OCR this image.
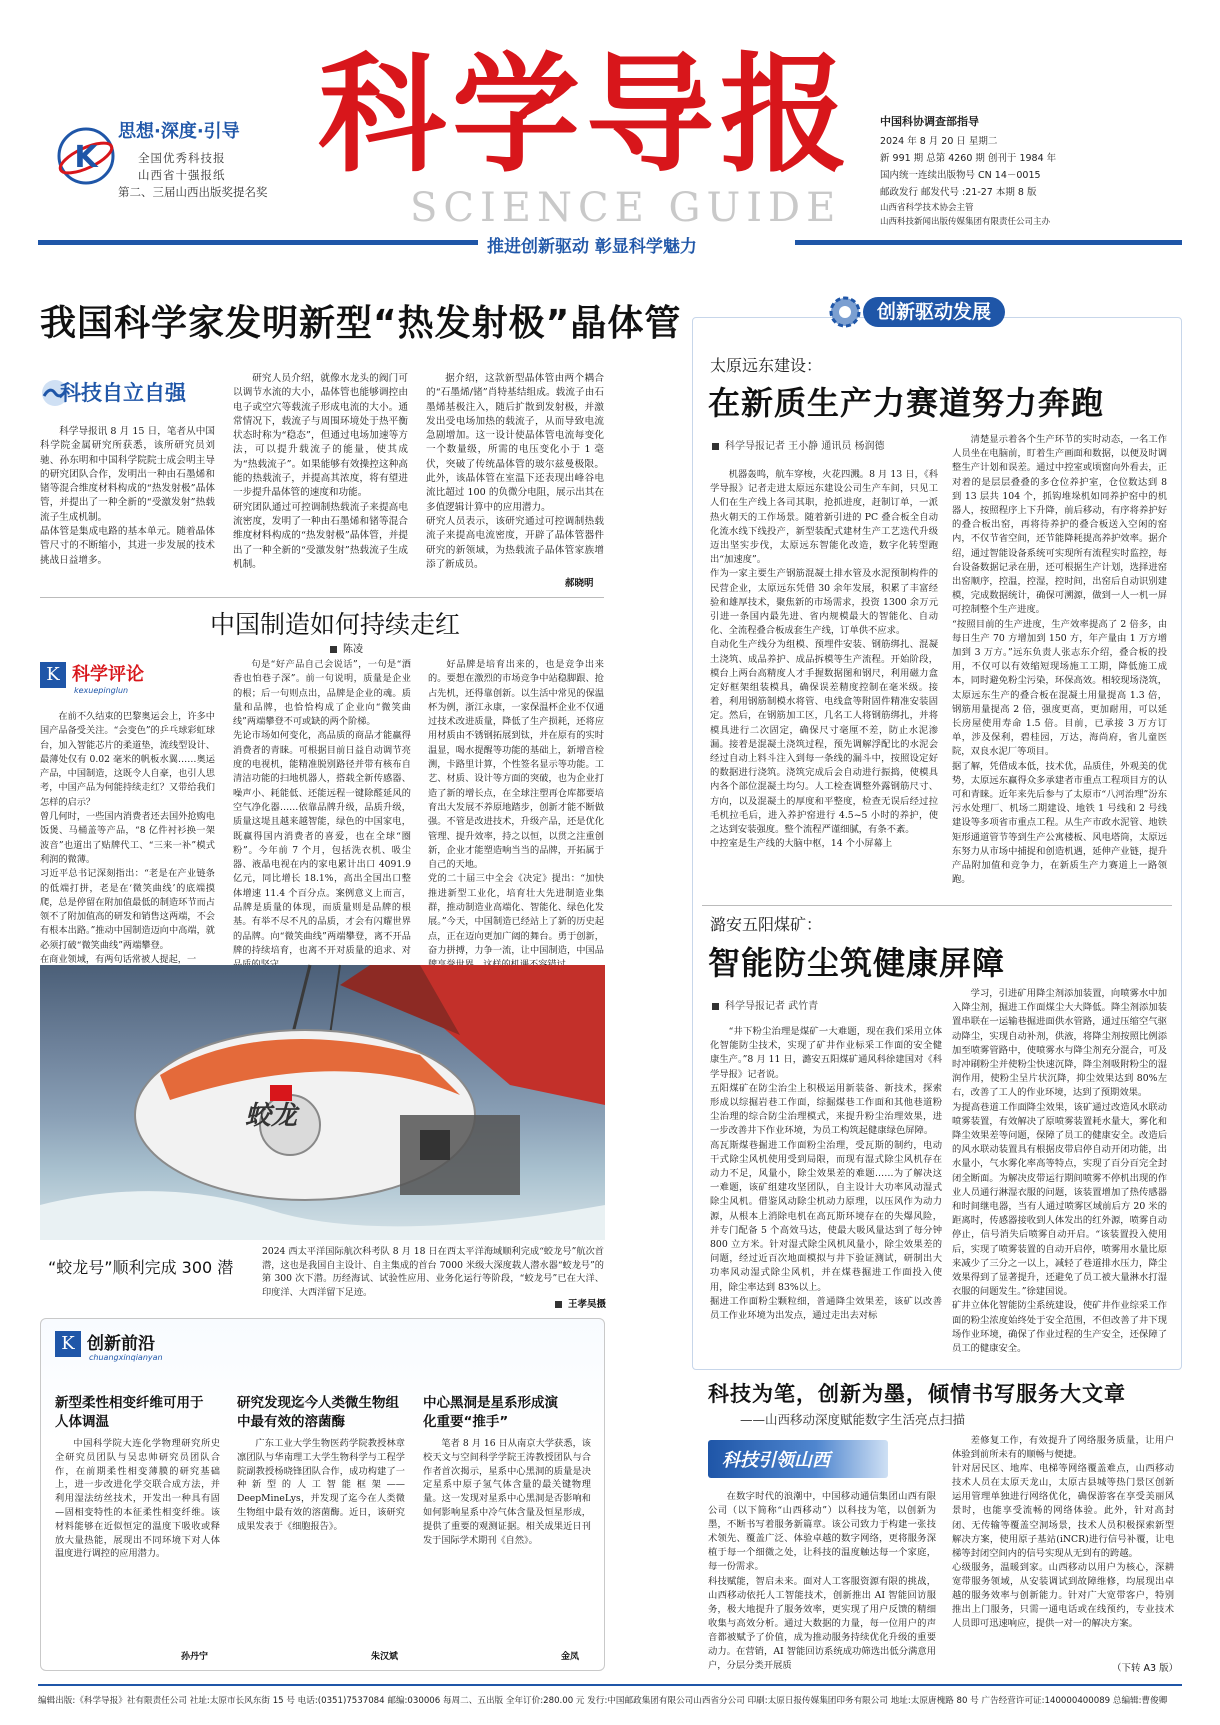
K
思想·深度·引导
全国优秀科技报
山西省十强报纸
第二、三届山西出版奖提名奖
科学导报
SCIENCE GUIDE
中国科协调查部指导
2024 年 8 月 20 日 星期二
新 991 期 总第 4260 期 创刊于 1984 年
国内统一连续出版物号 CN 14－0015
邮政发行 邮发代号 :21-27 本期 8 版
山西省科学技术协会主管
山西科技新闻出版传媒集团有限责任公司主办
推进创新驱动 彰显科学魅力
我国科学家发明新型“热发射极”晶体管
科技自立自强

科学导报讯 8 月 15 日，笔者从中国科学院金属研究所获悉，该所研究员刘驰、孙东明和中国科学院院士成会明主导的研究团队合作，发明出一种由石墨烯和锗等混合维度材料构成的“热发射极”晶体管，并提出了一种全新的“受激发射”热载流子生成机制。
晶体管是集成电路的基本单元。随着晶体管尺寸的不断缩小，其进一步发展的技术挑战日益增多。

研究人员介绍，就像水龙头的阀门可以调节水流的大小，晶体管也能够调控由电子或空穴等载流子形成电流的大小。通常情况下，载流子与周围环境处于热平衡状态时称为“稳态”，但通过电场加速等方法，可以提升载流子的能量，使其成为“热载流子”。如果能够有效操控这种高能的热载流子，并提高其浓度，将有望进一步提升晶体管的速度和功能。
研究团队通过可控调制热载流子来提高电流密度，发明了一种由石墨烯和锗等混合维度材料构成的“热发射极”晶体管，并提出了一种全新的“受激发射”热载流子生成机制。

据介绍，这款新型晶体管由两个耦合的“石墨烯/锗”肖特基结组成。载流子由石墨烯基极注入，随后扩散到发射极，并激发出受电场加热的载流子，从而导致电流急剧增加。这一设计使晶体管电流每变化一个数量级，所需的电压变化小于 1 毫伏，突破了传统晶体管的玻尔兹曼极限。此外，该晶体管在室温下还表现出峰谷电流比超过 100 的负微分电阻，展示出其在多值逻辑计算中的应用潜力。
研究人员表示，该研究通过可控调制热载流子来提高电流密度，开辟了晶体管器件研究的新领域，为热载流子晶体管家族增添了新成员。

郝晓明
中国制造如何持续走红
陈凌
K 科学评论
kexuepinglun

在前不久结束的巴黎奥运会上，许多中国产品备受关注。“会变色”的乒乓球彩虹球台，加入智能芯片的柔道垫，流线型设计、最薄处仅有 0.02 毫米的帆板水翼……奥运产品，中国制造，这既令人自豪，也引人思考，中国产品为何能持续走红？又带给我们怎样的启示？
曾几何时，一些国内消费者还去国外抢购电饭煲、马桶盖等产品，“8 亿件衬衫换一架波音”也道出了贴牌代工、“三来一补”模式利润的微薄。
习近平总书记深刻指出：“老是在产业链条的低端打拼，老是在‘微笑曲线’的底端摸爬，总是停留在附加值最低的制造环节而占领不了附加值高的研发和销售这两端，不会有根本出路。”推动中国制造迈向中高端，就必须打破“微笑曲线”两端攀登。
在商业领域，有两句话常被人提起，一

句是“好产品自己会说话”，一句是“酒香也怕巷子深”。前一句说明，质量是企业的根；后一句则点出，品牌是企业的魂。质量和品牌，也恰恰构成了企业向“微笑曲线”两端攀登不可或缺的两个阶梯。
先论市场如何变化，高品质的商品才能赢得消费者的青睐。可根据目前日益自动调节亮度的电视机，能精准脱别路径并带有核布自清洁功能的扫地机器人，搭载全新传感器、噪声小、耗能低、还能远程一键除醛延风的空气净化器……依靠品牌升级，品质升级，质量这堤且越来越智能，绿色的中国家电，既赢得国内消费者的喜爱，也在全球“圈粉”。今年前 7 个月，包括洗衣机、吸尘器、液晶电视在内的家电累计出口 4091.9 亿元，同比增长 18.1%，高出全国出口整体增速 11.4 个百分点。案例意义上而言，品牌是质量的体现，而质量则是品牌的根基。有举不尽不凡的品质，才会有闪耀世界的品牌。向“微笑曲线”两端攀登，离不开品牌的持续培育，也离不开对质量的追求、对

好品牌是培育出来的，也是竞争出来的。要想在激烈的市场竞争中站稳脚跟、抢占先机，还得靠创新。以生活中常见的保温杯为例，浙江永康，一家保温杯企业不仅通过技术改进质量，降低了生产损耗，还将应用材质由不锈钢拓展到钛，并在原有的实时温显，喝水提醒等功能的基础上，新增音检测，卡路里计算，个性签名显示等功能。工艺、材质、设计等方面的突破，也为企业打造了新的增长点，在全球注塑再仓库都要培育出大发展不养原地踏步，创新才能不断做强。不管是改进技术，升级产品，还是优化管理、提升效率，持之以恒，以贯之注重创新，企业才能塑造响当当的品牌，开拓属于自己的天地。
党的二十届三中全会《决定》提出：“加快推进新型工业化，培育壮大先进制造业集群，推动制造业高端化、智能化、绿色化发展。”今天，中国制造已经站上了新的历史起点，正在迈向更加广阔的舞台。勇于创新，奋力拼搏，力争一流，让中国制造，中国品

蛟龙
“蛟龙号”顺利完成 300 潜

2024 西太平洋国际航次科考队 8 月 18 日在西太平洋海域顺利完成“蛟龙号”航次首潜，这也是我国自主设计、自主集成的首台 7000 米级大深度载人潜水器“蛟龙号”的第 300 次下潜。历经海试、试验性应用、业务化运行等阶段，“蛟龙号”已在大洋、印度洋、大西洋留下足迹。

王孝吴摄
K 创新前沿
chuangxinqianyan
新型柔性相变纤维可用于人体调温

中国科学院大连化学物理研究所史全研究员团队与吴忠帅研究员团队合作，在前期柔性相变薄膜的研究基础上，进一步改进化学交联合成方法，并利用湿法纺丝技术，开发出一种具有固—固相变特性的本征柔性相变纤维。该材料能够在近似恒定的温度下吸收或释放大量热能，展现出不同环境下对人体温度进行调控的应用潜力。

孙丹宁
研究发现迄今人类微生物组中最有效的溶菌酶

广东工业大学生物医药学院教授林章凛团队与华南理工大学生物科学与工程学院副教授杨晓锋团队合作，成功构建了一种新型的人工智能框架——DeepMineLys，并发现了迄今在人类微生物组中最有效的溶菌酶。近日，该研究成果发表于《细胞报告》。

朱汉斌
中心黑洞是星系形成演化重要“推手”

笔者 8 月 16 日从南京大学获悉，该校天文与空间科学学院王涛教授团队与合作者首次揭示，星系中心黑洞的质量是决定星系中原子氢气体含量的最关键物理量。这一发现对星系中心黑洞是否影响和如何影响星系中冷气体含量及恒星形成，提供了重要的观测证据。相关成果近日刊发于国际学术期刊《自然》。

金凤
创新驱动发展
太原远东建设：
在新质生产力赛道努力奔跑
科学导报记者 王小静 通讯员 杨润德

机器轰鸣，航车穿梭，火花四溅。8 月 13 日，《科学导报》记者走进太原远东建设公司生产车间，只见工人们在生产线上各司其职，抢抓进度，赶制订单，一派热火朝天的工作场景。随着新引进的 PC 叠合板全自动化流水线下线投产，新型装配式建材生产工艺迭代升级迈出坚实步伐，太原远东智能化改造，数字化转型跑出“加速度”。
作为一家主要生产钢筋混凝土排水管及水泥预制构件的民营企业，太原远东凭借 30 余年发展，积累了丰富经验和雄厚技术，聚焦新的市场需求，投资 1300 余万元引进一条国内最先进、省内规模最大的智能化、自动化、全流程叠合板成套生产线，订单供不应求。
自动化生产线分为组模、预埋件安装、钢筋绑扎、混凝土浇筑、成品养护、成品拆模等生产流程。开始阶段，模台上两台高精度人才手握数据图和钢尺，利用磁力盒定好框架组装模具，确保误差精度控制在毫米级。接着，利用钢筋制模水将管、电线盒等附固件精准安装固定。然后，在钢筋加工区，几名工人将钢筋绑扎，并将模具进行二次固定，确保尺寸毫厘不差，防止水泥渗漏。接着是混凝土浇筑过程，预先调解浮配比的水泥会经过自动上料斗注入到每一条线的漏斗中，按照设定好的数据进行浇筑。浇筑完成后会自动进行振捣，使模具内各个部位混凝土均匀。人工检查调整外露钢筋尺寸、方向，以及混凝土的厚度和平整度，检查无误后经过拉毛机拉毛后，进入养护窑进行 4.5~5 小时的养护，使之达到安装强度。整个流程严谨细腻，有条不紊。
中控室是生产线的大脑中枢，14 个小屏幕上

清楚显示着各个生产环节的实时动态，一名工作人员坐在电脑前，盯着生产画面和数据，以便及时调整生产计划和误差。通过中控室或顷窗向外看去，正对着的是层层叠叠的多仓位养护室，仓位数达到 8 到 13 层共 104 个，抓钩堆垛机如同养护窑中的机器人，按照程序上下升降，前后移动，有序将养护好的叠合板出窑，再将待养护的叠合板送入空闲的窑内，不仅节省空间，还节能降耗提高养护效率。据介绍，通过智能设备系统可实现所有流程实时监控，每台设备数据记录在册，还可根据生产计划，选择进窑出窑顺序，控温，控湿，控时间，出窑后自动识别建模，完成数据统计，确保可溯源，做到一人一机一屏可控制整个生产进度。
“按照目前的生产进度，生产效率提高了 2 倍多，由每日生产 70 方增加到 150 方，年产量由 1 万方增加到 3 万方。”远东负责人张志东介绍，叠合板的投用，不仅可以有效缩短现场施工工期，降低施工成本，同时避免粉尘污染，环保高效。相较现场浇筑，太原远东生产的叠合板在混凝土用量提高 1.3 倍，钢筋用量提高 2 倍，强度更高，更加耐用，可以延长房屋使用寿命 1.5 倍。目前，已承接 3 万方订单，涉及保利，碧桂园，万达，海尚府，省儿童医院，双良水泥厂等项目。
据了解，凭借成本低，技术优，品质佳，外观美的优势，太原远东赢得众多承建者市重点工程项目方的认可和青睐。近年来先后参与了太原市“八河治理”汾东污水处理厂、机场二期建设、地铁 1 号线和 2 号线建设等多项省市重点工程。从生产市政水泥管、地铁矩形通道管节等到生产公寓楼板、风电塔筒，太原远东努力从市场中捕捉和创造机遇，延伸产业链，提升产品附加值和竞争力，在新质生产力赛道上一路领跑。

潞安五阳煤矿：
智能防尘筑健康屏障
科学导报记者 武竹青

“井下粉尘治理是煤矿一大难题，现在我们采用立体化智能防尘技术，实现了矿井作业标采工作面的安全健康生产。”8 月 11 日，潞安五阳煤矿通风科徐建国对《科学导报》记者说。
五阳煤矿在防尘治尘上积极运用新装备、新技术，探索形成以综掘岩巷工作面，综掘煤巷工作面和其他巷道粉尘治理的综合防尘治理模式，来提升粉尘治理效果，进一步改善井下作业环境，为员工构筑起健康绿色屏障。
高瓦斯煤巷掘进工作面粉尘治理，受瓦斯的制约，电动干式除尘风机使用受到局限，而现有湿式除尘风机存在动力不足，风量小，除尘效果差的难题……为了解决这一难题，该矿组建攻坚团队，自主设计大功率风动湿式除尘风机。借鉴风动除尘机动力原理，以压风作为动力源，从根本上消除电机在高瓦斯环境存在的失爆风险，并专门配备 5 个高效马达，使最大吸风量达到了每分钟 800 立方米。针对湿式除尘风机风量小，除尘效果差的问题，经过近百次地面模拟与井下验证测试，研制出大功率风动湿式除尘风机，并在煤巷掘进工作面投入使用，除尘率达到 83%以上。
掘进工作面粉尘颗粒细，普通降尘效果差，该矿以改善员工作业环境为出发点，通过走出去对标

学习，引进矿用降尘剂添加装置，向喷雾水中加入降尘剂，掘进工作面煤尘大大降低。降尘剂添加装置串联在一运输巷掘进面供水管路，通过压缩空气驱动降尘，实现自动补剂，供液，将降尘剂按照比例添加至喷雾管路中，使喷雾水与降尘剂充分混合，可及时冲刷粉尘并使粉尘快速沉降，降尘剂吸附粉尘的湿润作用，使粉尘呈片状沉降，抑尘效果达到 80%左右，改善了工人的作业环境，达到了预期效果。
为提高巷道工作面降尘效果，该矿通过改造风水联动喷雾装置，有效解决了原喷雾装置耗水量大，雾化和降尘效果差等问题，保障了员工的健康安全。改造后的风水联动装置具有根据皮带启停自动开闭功能，出水量小，气水雾化率高等特点，实现了百分百完全封闭全断面。为解决皮带运行期间喷雾不停机出现的作业人员通行淋湿衣服的问题，该装置增加了热传感器和时间继电器，当有人通过喷雾区域前后方 20 米的距离时，传感器接收到人体发出的红外源，喷雾自动停止，信号消失后喷雾自动开启。“该装置投入使用后，实现了喷雾装置的自动开启停，喷雾用水量比原来减少了三分之一以上，减轻了巷道排水压力，降尘效果得到了显著提升，还避免了员工被大量淋水打湿衣服的问题发生。”徐建国说。
矿井立体化智能防尘系统建设，使矿井作业综采工作面的粉尘浓度始终处于安全范围，不但改善了井下现场作业环境，确保了作业过程的生产安全，还保障了员工的健康安全。

科技为笔，创新为墨，倾情书写服务大文章
——山西移动深度赋能数字生活亮点扫描
科技引领山西

在数字时代的浪潮中，中国移动通信集团山西有限公司（以下简称“山西移动”）以科技为笔，以创新为墨，不断书写着服务新篇章。该公司致力于构建一张技术领先、覆盖广泛、体验卓越的数字网络，更将服务深植于每一个细微之处，让科技的温度触达每一个家庭，每一份需求。
科技赋能，智启未来。面对人工客服资源有限的挑战，山西移动依托人工智能技术，创新推出 AI 智能回访服务，极大地提升了服务效率，更实现了用户反馈的精细收集与高效分析。通过大数据的力量，每一位用户的声音都被赋予了价值，成为推动服务持续优化升级的重要动力。在营销，AI 智能回访系统成功筛选出低分满意用户，分层分类开展质

差修复工作，有效提升了网络服务质量，让用户体验到前所未有的顺畅与便捷。
针对居民区、地库、电梯等网络覆盖难点，山西移动技术人员在太原天龙山，太原古县城等热门景区创新运用管理单独进行网络优化，确保游客在享受美丽风景时，也能享受流畅的网络体验。此外，针对高封闭、无传输等覆盖空洞场景，技术人员积极探索新型解决方案，使用原子基站(iNCR)进行信号补覆，让电梯等封闭空间内的信号实现从无到有的跨越。
心级服务，温暖到家。山西移动以用户为核心，深耕宽带服务领域，从安装调试到故障维修，均展现出卓越的服务效率与创新能力。针对广大宽带客户，特别推出上门服务，只需一通电话或在线预约，专业技术人员即可迅速响应，提供一对一的解决方案。

（下转 A3 版）
编辑出版:《科学导报》社有限责任公司 社址:太原市长风东街 15 号 电话:(0351)7537084 邮编:030006 每周二、五出版 全年订价:280.00 元 发行:中国邮政集团有限公司山西省分公司 印刷:太原日报传媒集团印务有限公司 地址:太原唐槐路 80 号 广告经营许可证:140000400089 总编辑:曹俊卿
